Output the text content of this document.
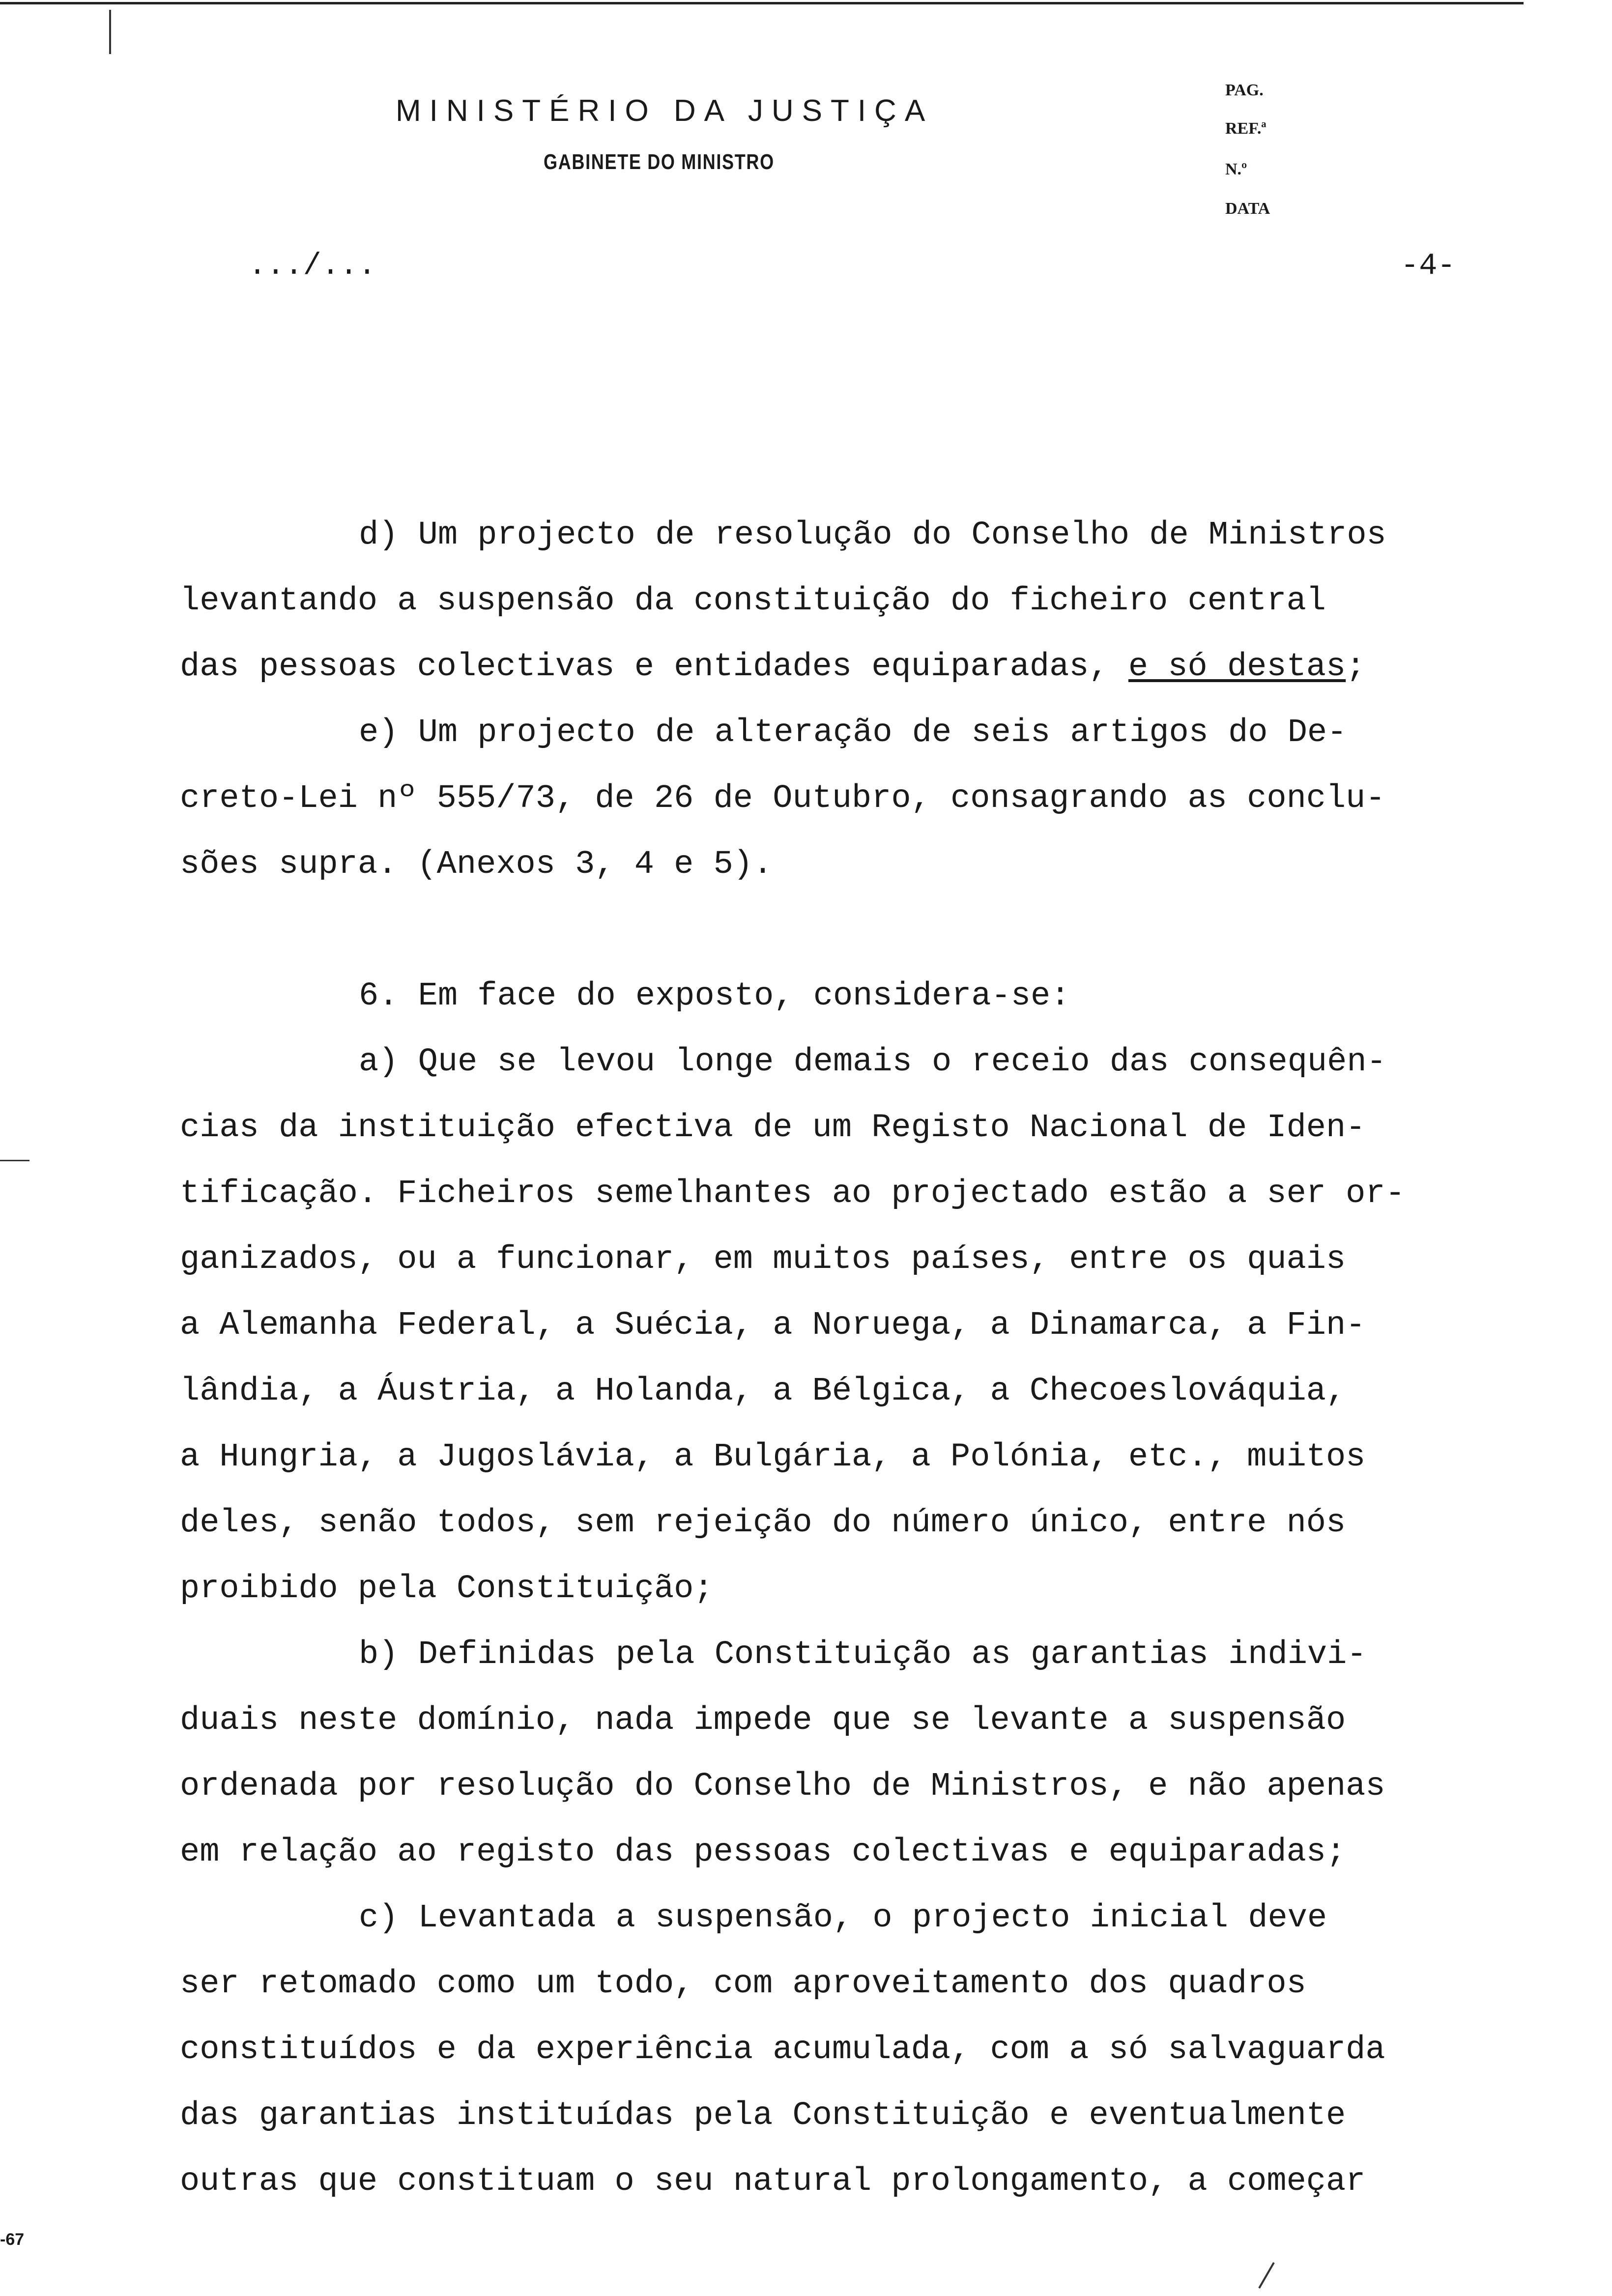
MINISTÉRIO DA JUSTIÇA
GABINETE DO MINISTRO
PAG.
REF.ª
N.º
DATA
.../...	-4-
d) Um projecto de resolução do Conselho de Ministros
levantando a suspensão da constituição do ficheiro central
das pessoas colectivas e entidades equiparadas, e só destas;
e) Um projecto de alteração de seis artigos do De-
creto-Lei nº 555/73, de 26 de Outubro, consagrando as conclu-
sões supra. (Anexos 3, 4 e 5).
6. Em face do exposto, considera-se:
a) Que se levou longe demais o receio das consequên-
cias da instituição efectiva de um Registo Nacional de Iden-
tificação. Ficheiros semelhantes ao projectado estão a ser or-
ganizados, ou a funcionar, em muitos países, entre os quais
a Alemanha Federal, a Suécia, a Noruega, a Dinamarca, a Fin-
lândia, a Áustria, a Holanda, a Bélgica, a Checoeslováquia,
a Hungria, a Jugoslávia, a Bulgária, a Polónia, etc., muitos
deles, senão todos, sem rejeição do número único, entre nós
proibido pela Constituição;
b) Definidas pela Constituição as garantias indivi-
duais neste domínio, nada impede que se levante a suspensão
ordenada por resolução do Conselho de Ministros, e não apenas
em relação ao registo das pessoas colectivas e equiparadas;
c) Levantada a suspensão, o projecto inicial deve
ser retomado como um todo, com aproveitamento dos quadros
constituídos e da experiência acumulada, com a só salvaguarda
das garantias instituídas pela Constituição e eventualmente
outras que constituam o seu natural prolongamento, a começar
-67
